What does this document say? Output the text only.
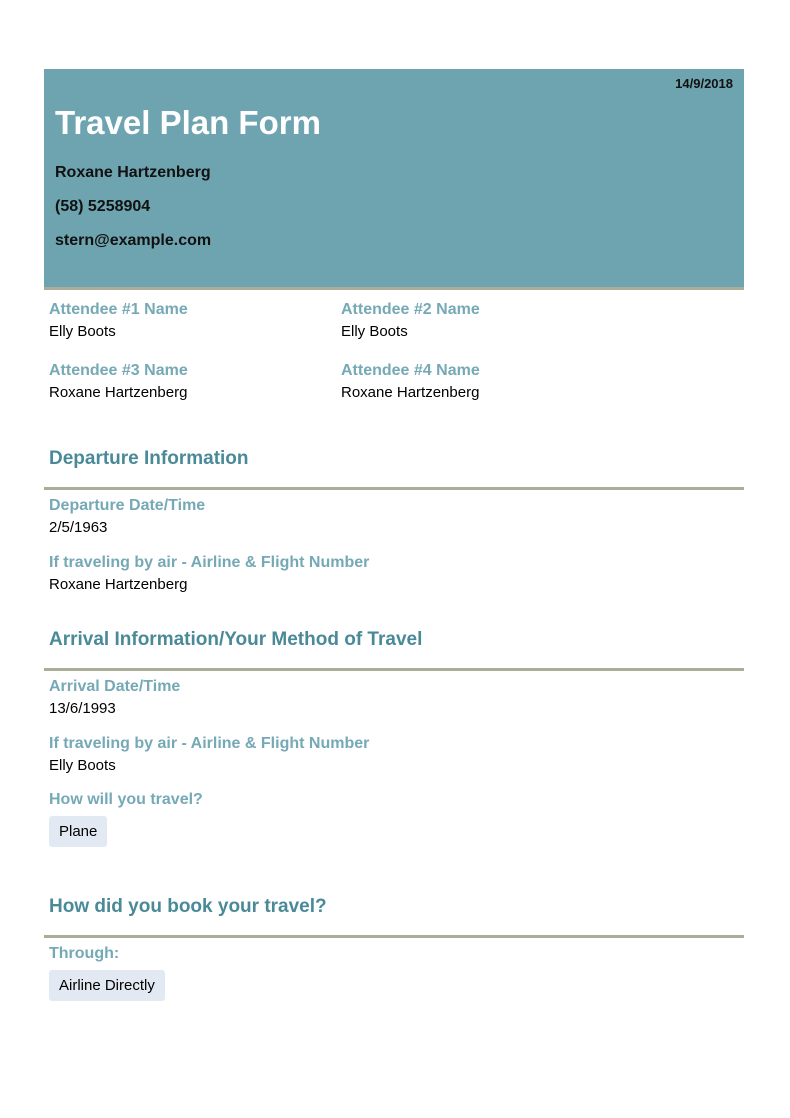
14/9/2018
Travel Plan Form
Roxane Hartzenberg
(58) 5258904
stern@example.com
Attendee #1 Name
Elly Boots
Attendee #2 Name
Elly Boots
Attendee #3 Name
Roxane Hartzenberg
Attendee #4 Name
Roxane Hartzenberg
Departure Information
Departure Date/Time
2/5/1963
If traveling by air - Airline & Flight Number
Roxane Hartzenberg
Arrival Information/Your Method of Travel
Arrival Date/Time
13/6/1993
If traveling by air - Airline & Flight Number
Elly Boots
How will you travel?
Plane
How did you book your travel?
Through:
Airline Directly
